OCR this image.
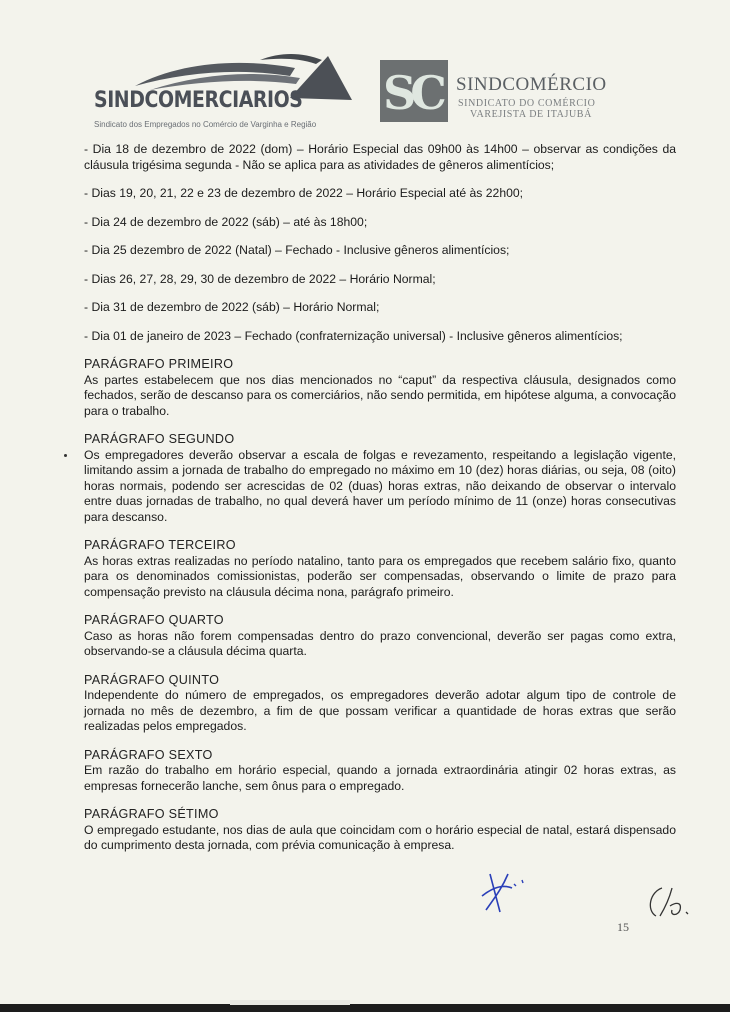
SINDCOMERCIARIOS
Sindicato dos Empregados no Comércio de Varginha e Região
SC SINDCOMÉRCIO
SINDICATO DO COMÉRCIO
VAREJISTA DE ITAJUBÁ

- Dia 18 de dezembro de 2022 (dom) – Horário Especial das 09h00 às 14h00 – observar as condições da cláusula trigésima segunda - Não se aplica para as atividades de gêneros alimentícios;

- Dias 19, 20, 21, 22 e 23 de dezembro de 2022 – Horário Especial até às 22h00;

- Dia 24 de dezembro de 2022 (sáb) – até às 18h00;

- Dia 25 dezembro de 2022 (Natal) – Fechado - Inclusive gêneros alimentícios;

- Dias 26, 27, 28, 29, 30 de dezembro de 2022 – Horário Normal;

- Dia 31 de dezembro de 2022 (sáb) – Horário Normal;

- Dia 01 de janeiro de 2023 – Fechado (confraternização universal) - Inclusive gêneros alimentícios;

PARÁGRAFO PRIMEIRO

As partes estabelecem que nos dias mencionados no “caput” da respectiva cláusula, designados como fechados, serão de descanso para os comerciários, não sendo permitida, em hipótese alguma, a convocação para o trabalho.

PARÁGRAFO SEGUNDO

Os empregadores deverão observar a escala de folgas e revezamento, respeitando a legislação vigente, limitando assim a jornada de trabalho do empregado no máximo em 10 (dez) horas diárias, ou seja, 08 (oito) horas normais, podendo ser acrescidas de 02 (duas) horas extras, não deixando de observar o intervalo entre duas jornadas de trabalho, no qual deverá haver um período mínimo de 11 (onze) horas consecutivas para descanso.

PARÁGRAFO TERCEIRO

As horas extras realizadas no período natalino, tanto para os empregados que recebem salário fixo, quanto para os denominados comissionistas, poderão ser compensadas, observando o limite de prazo para compensação previsto na cláusula décima nona, parágrafo primeiro.

PARÁGRAFO QUARTO

Caso as horas não forem compensadas dentro do prazo convencional, deverão ser pagas como extra, observando-se a cláusula décima quarta.

PARÁGRAFO QUINTO

Independente do número de empregados, os empregadores deverão adotar algum tipo de controle de jornada no mês de dezembro, a fim de que possam verificar a quantidade de horas extras que serão realizadas pelos empregados.

PARÁGRAFO SEXTO

Em razão do trabalho em horário especial, quando a jornada extraordinária atingir 02 horas extras, as empresas fornecerão lanche, sem ônus para o empregado.

PARÁGRAFO SÉTIMO

O empregado estudante, nos dias de aula que coincidam com o horário especial de natal, estará dispensado do cumprimento desta jornada, com prévia comunicação à empresa.

15
